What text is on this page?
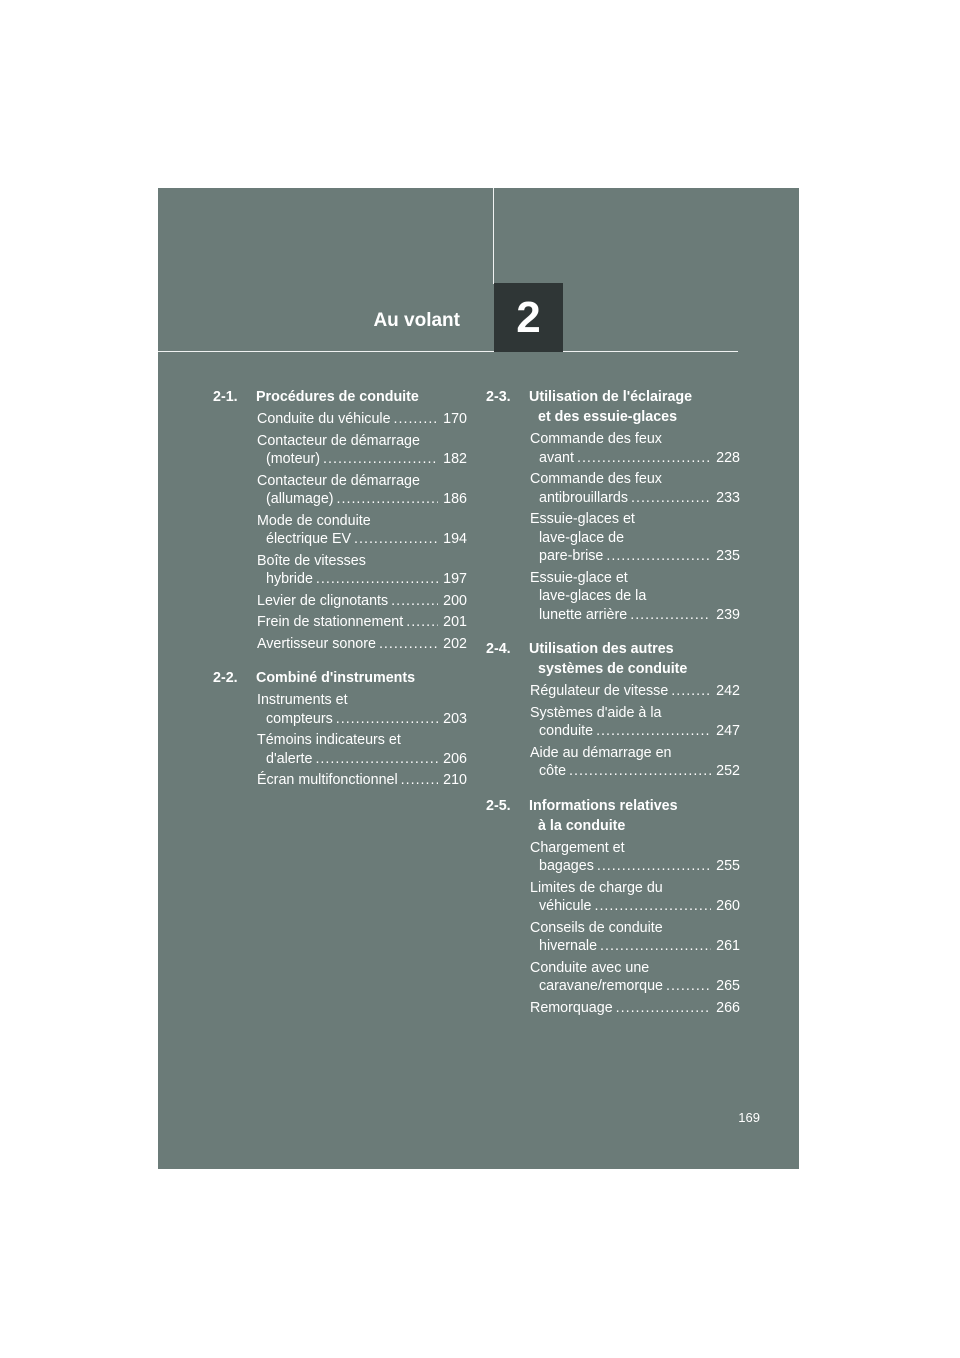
Au volant 2
2-1. Procédures de conduite
Conduite du véhicule .....	170
Contacteur de démarrage
(moteur) .....	182
Contacteur de démarrage
(allumage) .....	186
Mode de conduite
électrique EV .....	194
Boîte de vitesses
hybride .....	197
Levier de clignotants .....	200
Frein de stationnement .....	201
Avertisseur sonore .....	202
2-2. Combiné d'instruments
Instruments et
compteurs .....	203
Témoins indicateurs et
d'alerte .....	206
Écran multifonctionnel .....	210
2-3. Utilisation de l'éclairage
et des essuie-glaces
Commande des feux
avant .....	228
Commande des feux
antibrouillards .....	233
Essuie-glaces et
lave-glace de
pare-brise .....	235
Essuie-glace et
lave-glaces de la
lunette arrière .....	239
2-4. Utilisation des autres
systèmes de conduite
Régulateur de vitesse .....	242
Systèmes d'aide à la
conduite .....	247
Aide au démarrage en
côte .....	252
2-5. Informations relatives
à la conduite
Chargement et
bagages .....	255
Limites de charge du
véhicule .....	260
Conseils de conduite
hivernale .....	261
Conduite avec une
caravane/remorque .....	265
Remorquage .....	266
169
